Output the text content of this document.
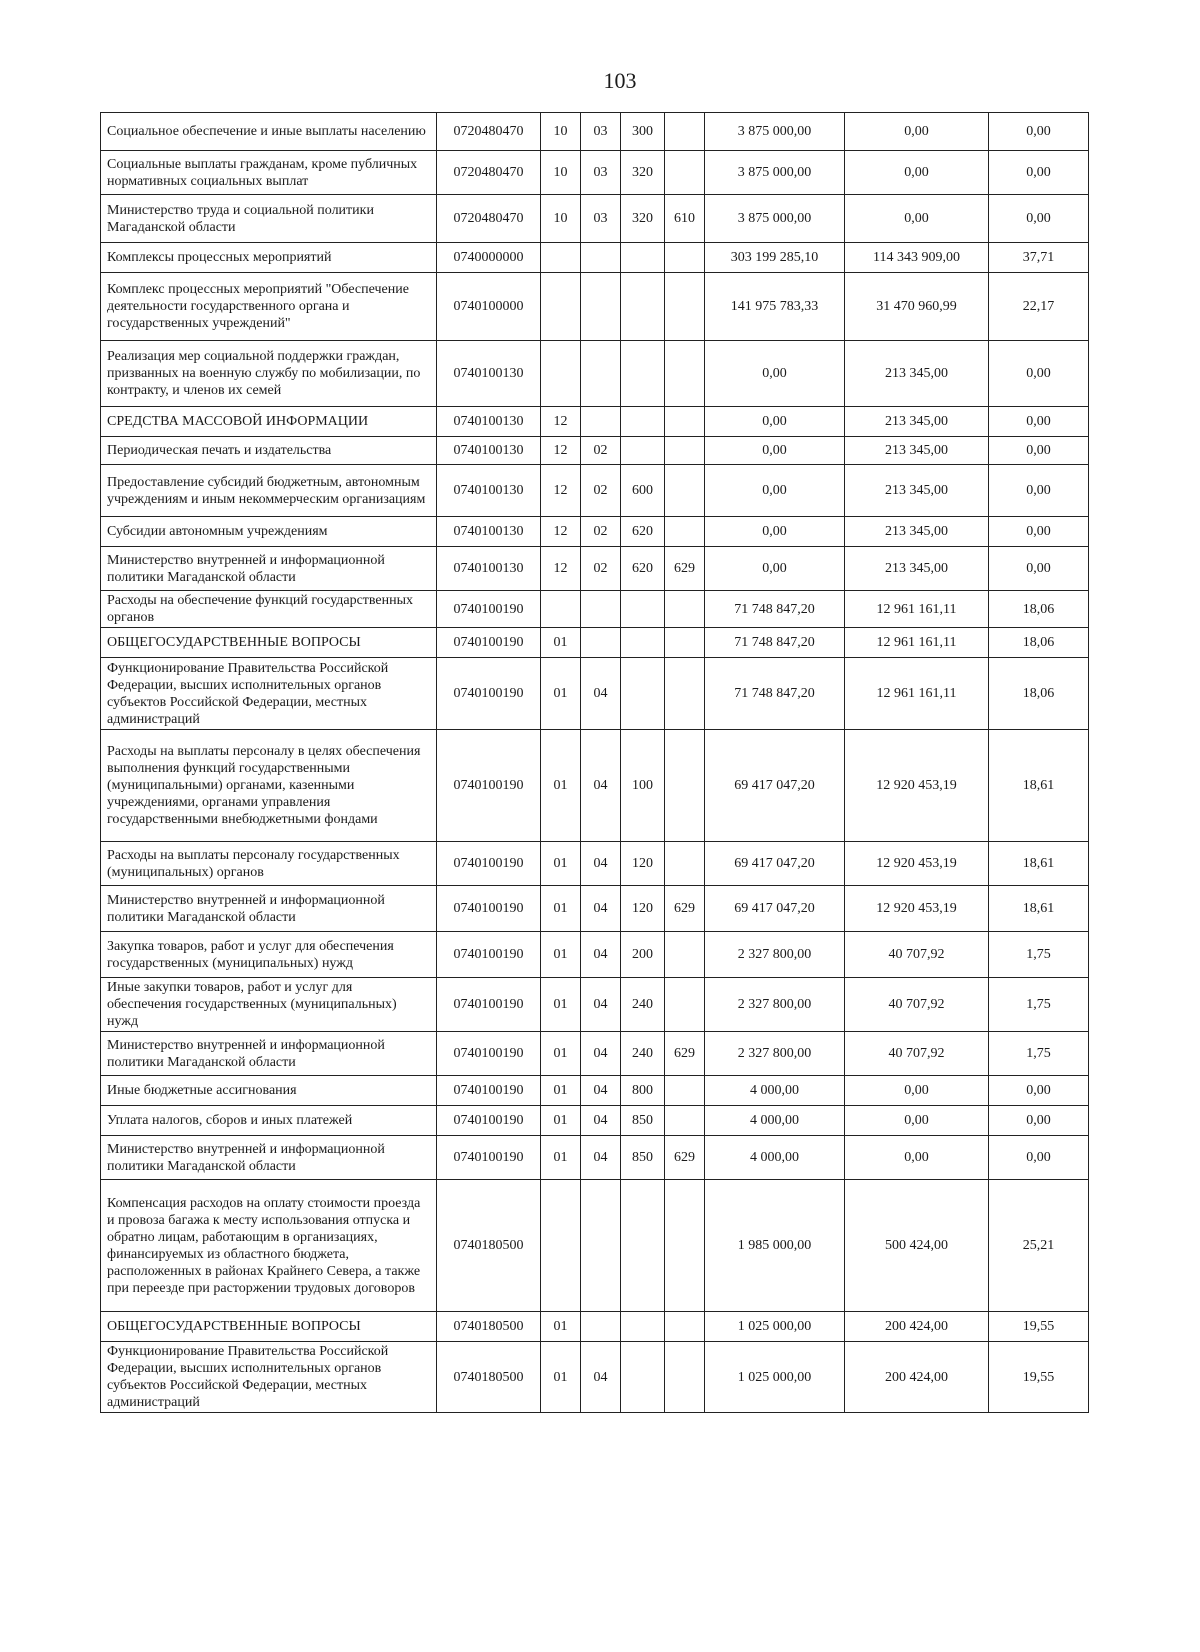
103
Социальное обеспечение и иные выплаты населению	0720480470	10	03	300		3 875 000,00	0,00	0,00
Социальные выплаты гражданам, кроме публичных нормативных социальных выплат	0720480470	10	03	320		3 875 000,00	0,00	0,00
Министерство труда и социальной политики Магаданской области	0720480470	10	03	320	610	3 875 000,00	0,00	0,00
Комплексы процессных мероприятий	0740000000					303 199 285,10	114 343 909,00	37,71
Комплекс процессных мероприятий "Обеспечение деятельности государственного органа и государственных учреждений"	0740100000					141 975 783,33	31 470 960,99	22,17
Реализация мер социальной поддержки граждан, призванных на военную службу по мобилизации, по контракту, и членов их семей	0740100130					0,00	213 345,00	0,00
СРЕДСТВА МАССОВОЙ ИНФОРМАЦИИ	0740100130	12				0,00	213 345,00	0,00
Периодическая печать и издательства	0740100130	12	02			0,00	213 345,00	0,00
Предоставление субсидий бюджетным, автономным учреждениям и иным некоммерческим организациям	0740100130	12	02	600		0,00	213 345,00	0,00
Субсидии автономным учреждениям	0740100130	12	02	620		0,00	213 345,00	0,00
Министерство внутренней и информационной политики Магаданской области	0740100130	12	02	620	629	0,00	213 345,00	0,00
Расходы на обеспечение функций государственных органов	0740100190					71 748 847,20	12 961 161,11	18,06
ОБЩЕГОСУДАРСТВЕННЫЕ ВОПРОСЫ	0740100190	01				71 748 847,20	12 961 161,11	18,06
Функционирование Правительства Российской Федерации, высших исполнительных органов субъектов Российской Федерации, местных администраций	0740100190	01	04			71 748 847,20	12 961 161,11	18,06
Расходы на выплаты персоналу в целях обеспечения выполнения функций государственными (муниципальными) органами, казенными учреждениями, органами управления государственными внебюджетными фондами	0740100190	01	04	100		69 417 047,20	12 920 453,19	18,61
Расходы на выплаты персоналу государственных (муниципальных) органов	0740100190	01	04	120		69 417 047,20	12 920 453,19	18,61
Министерство внутренней и информационной политики Магаданской области	0740100190	01	04	120	629	69 417 047,20	12 920 453,19	18,61
Закупка товаров, работ и услуг для обеспечения государственных (муниципальных) нужд	0740100190	01	04	200		2 327 800,00	40 707,92	1,75
Иные закупки товаров, работ и услуг для обеспечения государственных (муниципальных) нужд	0740100190	01	04	240		2 327 800,00	40 707,92	1,75
Министерство внутренней и информационной политики Магаданской области	0740100190	01	04	240	629	2 327 800,00	40 707,92	1,75
Иные бюджетные ассигнования	0740100190	01	04	800		4 000,00	0,00	0,00
Уплата налогов, сборов и иных платежей	0740100190	01	04	850		4 000,00	0,00	0,00
Министерство внутренней и информационной политики Магаданской области	0740100190	01	04	850	629	4 000,00	0,00	0,00
Компенсация расходов на оплату стоимости проезда и провоза багажа к месту использования отпуска и обратно лицам, работающим в организациях, финансируемых из областного бюджета, расположенных в районах Крайнего Севера, а также при переезде при расторжении трудовых договоров	0740180500					1 985 000,00	500 424,00	25,21
ОБЩЕГОСУДАРСТВЕННЫЕ ВОПРОСЫ	0740180500	01				1 025 000,00	200 424,00	19,55
Функционирование Правительства Российской Федерации, высших исполнительных органов субъектов Российской Федерации, местных администраций	0740180500	01	04			1 025 000,00	200 424,00	19,55
